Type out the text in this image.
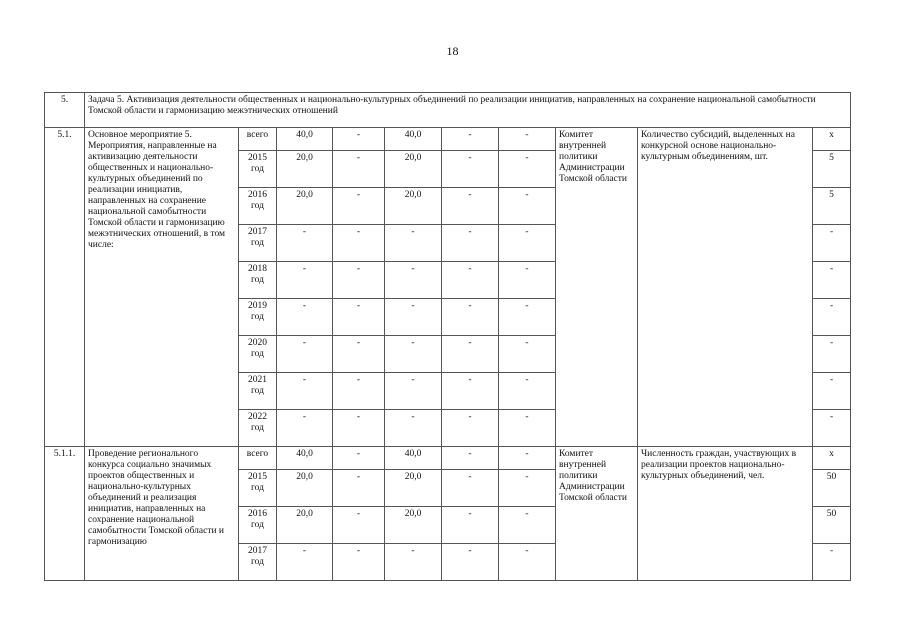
18
5.	Задача 5. Активизация деятельности общественных и национально-культурных объединений по реализации инициатив, направленных на сохранение национальной самобытности Томской области и гармонизацию межэтнических отношений									
5.1.	Основное мероприятие 5. Мероприятия, направленные на активизацию деятельности общественных и национально-культурных объединений по реализации инициатив, направленных на сохранение национальной самобытности Томской области и гармонизацию межэтнических отношений, в том числе:	всего	40,0	-	40,0	-	-	Комитет внутренней политики Администрации Томской области	Количество субсидий, выделенных на конкурсной основе национально-культурным объединениям, шт.	x
		2015 год	20,0	-	20,0	-	-			5
		2016 год	20,0	-	20,0	-	-			5
		2017 год	-	-	-	-	-			-
		2018 год	-	-	-	-	-			-
		2019 год	-	-	-	-	-			-
		2020 год	-	-	-	-	-			-
		2021 год	-	-	-	-	-			-
		2022 год	-	-	-	-	-			-
5.1.1.	Проведение регионального конкурса социально значимых проектов общественных и национально-культурных объединений и реализация инициатив, направленных на сохранение национальной самобытности Томской области и гармонизацию	всего	40,0	-	40,0	-	-	Комитет внутренней политики Администрации Томской области	Численность граждан, участвующих в реализации проектов национально-культурных объединений, чел.	x
		2015 год	20,0	-	20,0	-	-			50
		2016 год	20,0	-	20,0	-	-			50
		2017 год	-	-	-	-	-			-
